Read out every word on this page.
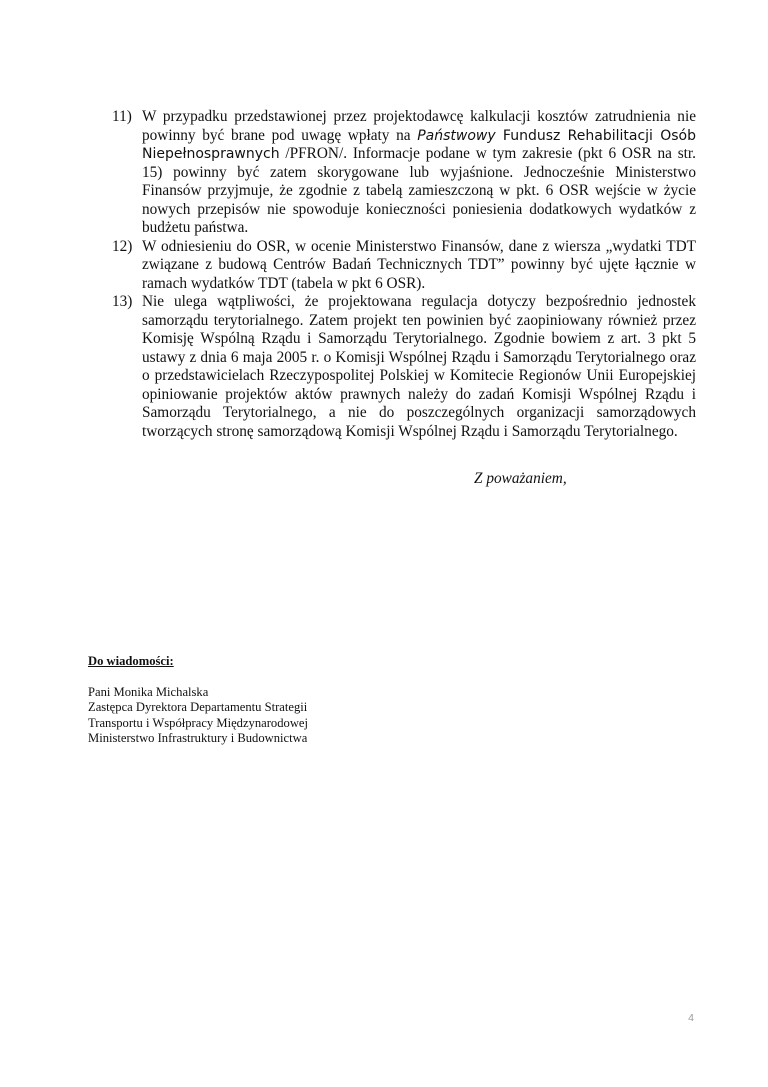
11) W przypadku przedstawionej przez projektodawcę kalkulacji kosztów zatrudnienia nie powinny być brane pod uwagę wpłaty na Państwowy Fundusz Rehabilitacji Osób Niepełnosprawnych /PFRON/. Informacje podane w tym zakresie (pkt 6 OSR na str. 15) powinny być zatem skorygowane lub wyjaśnione. Jednocześnie Ministerstwo Finansów przyjmuje, że zgodnie z tabelą zamieszczoną w pkt. 6 OSR wejście w życie nowych przepisów nie spowoduje konieczności poniesienia dodatkowych wydatków z budżetu państwa.
12) W odniesieniu do OSR, w ocenie Ministerstwo Finansów, dane z wiersza „wydatki TDT związane z budową Centrów Badań Technicznych TDT” powinny być ujęte łącznie w ramach wydatków TDT (tabela w pkt 6 OSR).
13) Nie ulega wątpliwości, że projektowana regulacja dotyczy bezpośrednio jednostek samorządu terytorialnego. Zatem projekt ten powinien być zaopiniowany również przez Komisję Wspólną Rządu i Samorządu Terytorialnego. Zgodnie bowiem z art. 3 pkt 5 ustawy z dnia 6 maja 2005 r. o Komisji Wspólnej Rządu i Samorządu Terytorialnego oraz o przedstawicielach Rzeczypospolitej Polskiej w Komitecie Regionów Unii Europejskiej opiniowanie projektów aktów prawnych należy do zadań Komisji Wspólnej Rządu i Samorządu Terytorialnego, a nie do poszczególnych organizacji samorządowych tworzących stronę samorządową Komisji Wspólnej Rządu i Samorządu Terytorialnego.
Z poważaniem,
Do wiadomości:
Pani Monika Michalska
Zastępca Dyrektora Departamentu Strategii
Transportu i Współpracy Międzynarodowej
Ministerstwo Infrastruktury i Budownictwa
4
